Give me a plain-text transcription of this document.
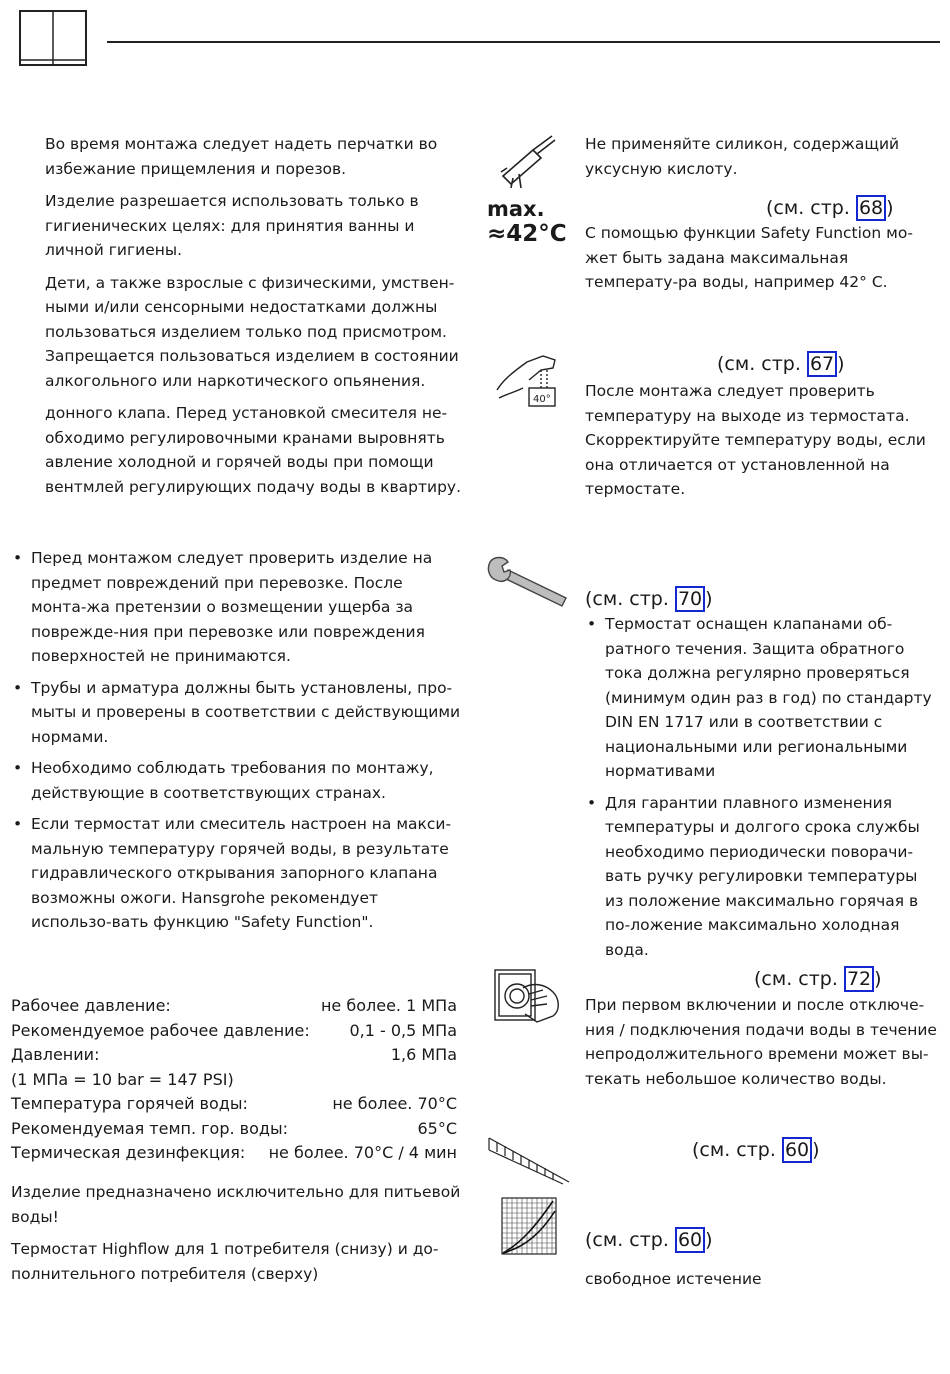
Во время монтажа следует надеть перчатки во избежание прищемления и порезов.

Изделие разрешается использовать только в гигиенических целях: для принятия ванны и личной гигиены.

Дети, а также взрослые с физическими, умствен-ными и/или сенсорными недостатками должны пользоваться изделием только под присмотром. Запрещается пользоваться изделием в состоянии алкогольного или наркотического опьянения.

донного клапа. Перед установкой смесителя не-обходимо регулировочными кранами выровнять авление холодной и горячей воды при помощи вентмлей регулирующих подачу воды в квартиру.

• Перед монтажом следует проверить изделие на предмет повреждений при перевозке. После монта-жа претензии о возмещении ущерба за поврежде-ния при перевозке или повреждения поверхностей не принимаются.
• Трубы и арматура должны быть установлены, про-мыты и проверены в соответствии с действующими нормами.
• Необходимо соблюдать требования по монтажу, действующие в соответствующих странах.
• Если термостат или смеситель настроен на макси-мальную температуру горячей воды, в результате гидравлического открывания запорного клапана возможны ожоги. Hansgrohe рекомендует использо-вать функцию "Safety Function".
Рабочее давление:	не более. 1 МПа
Рекомендуемое рабочее давление: 0,1 - 0,5 МПа
Давлении:	1,6 МПа
(1 МПа = 10 bar = 147 PSI)
Температура горячей воды:	не более. 70°C
Рекомендуемая темп. гор. воды:	65°C
Термическая дезинфекция: не более. 70°C / 4 мин

Изделие предназначено исключительно для питьевой воды!

Термостат Highflow для 1 потребителя (снизу) и до-полнительного потребителя (сверху)

Не применяйте силикон, содержащий уксусную кислоту.
max.
≈42°C
(см. стр. 68 )
С помощью функции Safety Function мо-жет быть задана максимальная температу-ра воды, например 42° С.
40°
(см. стр. 67 )
После монтажа следует проверить температуру на выходе из термостата. Скорректируйте температуру воды, если она отличается от установленной на термостате.
(см. стр. 70 )
• Термостат оснащен клапанами об-ратного течения. Защита обратного тока должна регулярно проверяться (минимум один раз в год) по стандарту DIN EN 1717 или в соответствии с национальными или региональными нормативами
• Для гарантии плавного изменения температуры и долгого срока службы необходимо периодически поворачи-вать ручку регулировки температуры из положение максимально горячая в по-ложение максимально холодная вода.
(см. стр. 72 )
При первом включении и после отключе-ния / подключения подачи воды в течение непродолжительного времени может вы-текать небольшое количество воды.
(см. стр. 60 )
(см. стр. 60 )
свободное истечение
